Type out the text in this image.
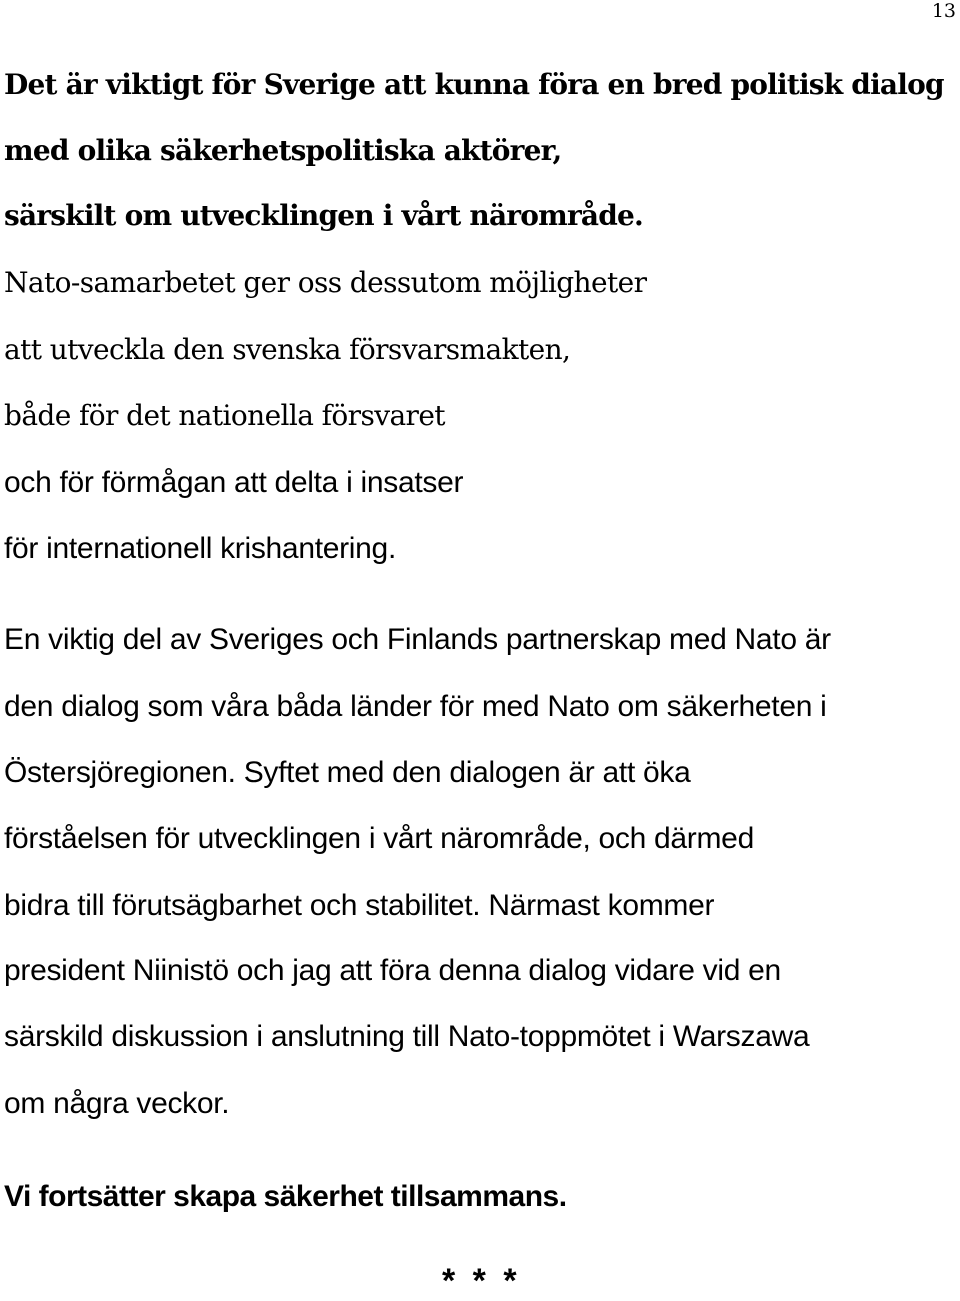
13
Det är viktigt för Sverige att kunna föra en bred politisk dialog
med olika säkerhetspolitiska aktörer,
särskilt om utvecklingen i vårt närområde.
Nato-samarbetet ger oss dessutom möjligheter
att utveckla den svenska försvarsmakten,
både för det nationella försvaret
och för förmågan att delta i insatser
för internationell krishantering.
En viktig del av Sveriges och Finlands partnerskap med Nato är
den dialog som våra båda länder för med Nato om säkerheten i
Östersjöregionen. Syftet med den dialogen är att öka
förståelsen för utvecklingen i vårt närområde, och därmed
bidra till förutsägbarhet och stabilitet. Närmast kommer
president Niinistö och jag att föra denna dialog vidare vid en
särskild diskussion i anslutning till Nato-toppmötet i Warszawa
om några veckor.
Vi fortsätter skapa säkerhet tillsammans.
* * *
